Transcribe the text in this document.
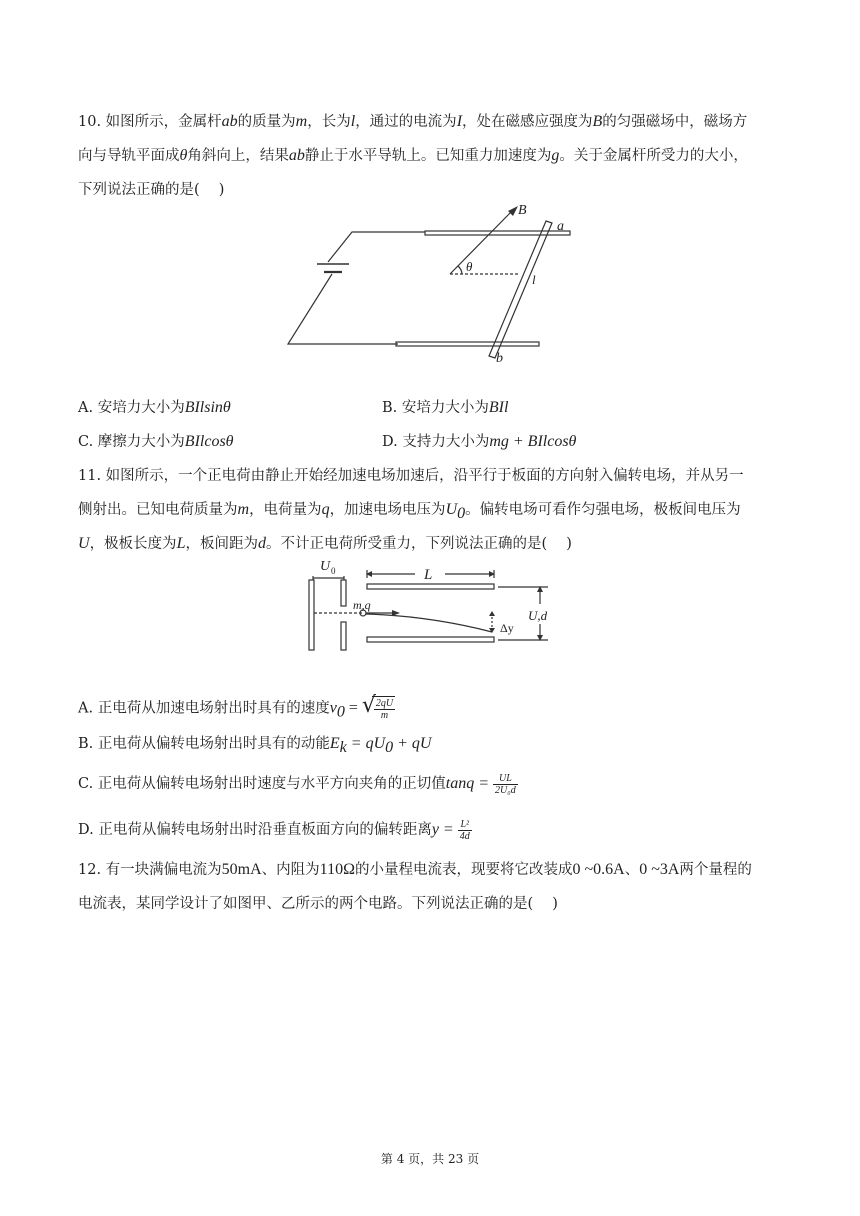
10. 如图所示，金属杆ab的质量为m，长为l，通过的电流为I，处在磁感应强度为B的匀强磁场中，磁场方
向与导轨平面成θ角斜向上，结果ab静止于水平导轨上。已知重力加速度为g。关于金属杆所受力的大小，
下列说法正确的是(　 )
B
a
θ
l
b
A. 安培力大小为BIlsinθ	B. 安培力大小为BIl
C. 摩擦力大小为BIlcosθ	D. 支持力大小为mg + BIlcosθ
11. 如图所示，一个正电荷由静止开始经加速电场加速后，沿平行于板面的方向射入偏转电场，并从另一
侧射出。已知电荷质量为m，电荷量为q，加速电场电压为$U_0$。偏转电场可看作匀强电场，极板间电压为
U，极板长度为L，板间距为d。不计正电荷所受重力，下列说法正确的是(　 )
U 0	L
m,q
U,d
Δy
A. 正电荷从加速电场射出时具有的速度$v_0$ = √
$\frac{2qU}{m}$
B. 正电荷从偏转电场射出时具有的动能$E_k = qU_0$ + qU
C. 正电荷从偏转电场射出时速度与水平方向夹角的正切值$\tan q = \frac{UL}{\text{2U₀d}}$
D. 正电荷从偏转电场射出时沿垂直板面方向的偏转距离$y = \frac{\text{L²}}{4d}$
12. 有一块满偏电流为50mA、内阻为110Ω的小量程电流表，现要将它改装成0 ~0.6A、0 ~3A两个量程的
电流表，某同学设计了如图甲、乙所示的两个电路。下列说法正确的是(　 )
第 4 页，共 23 页
